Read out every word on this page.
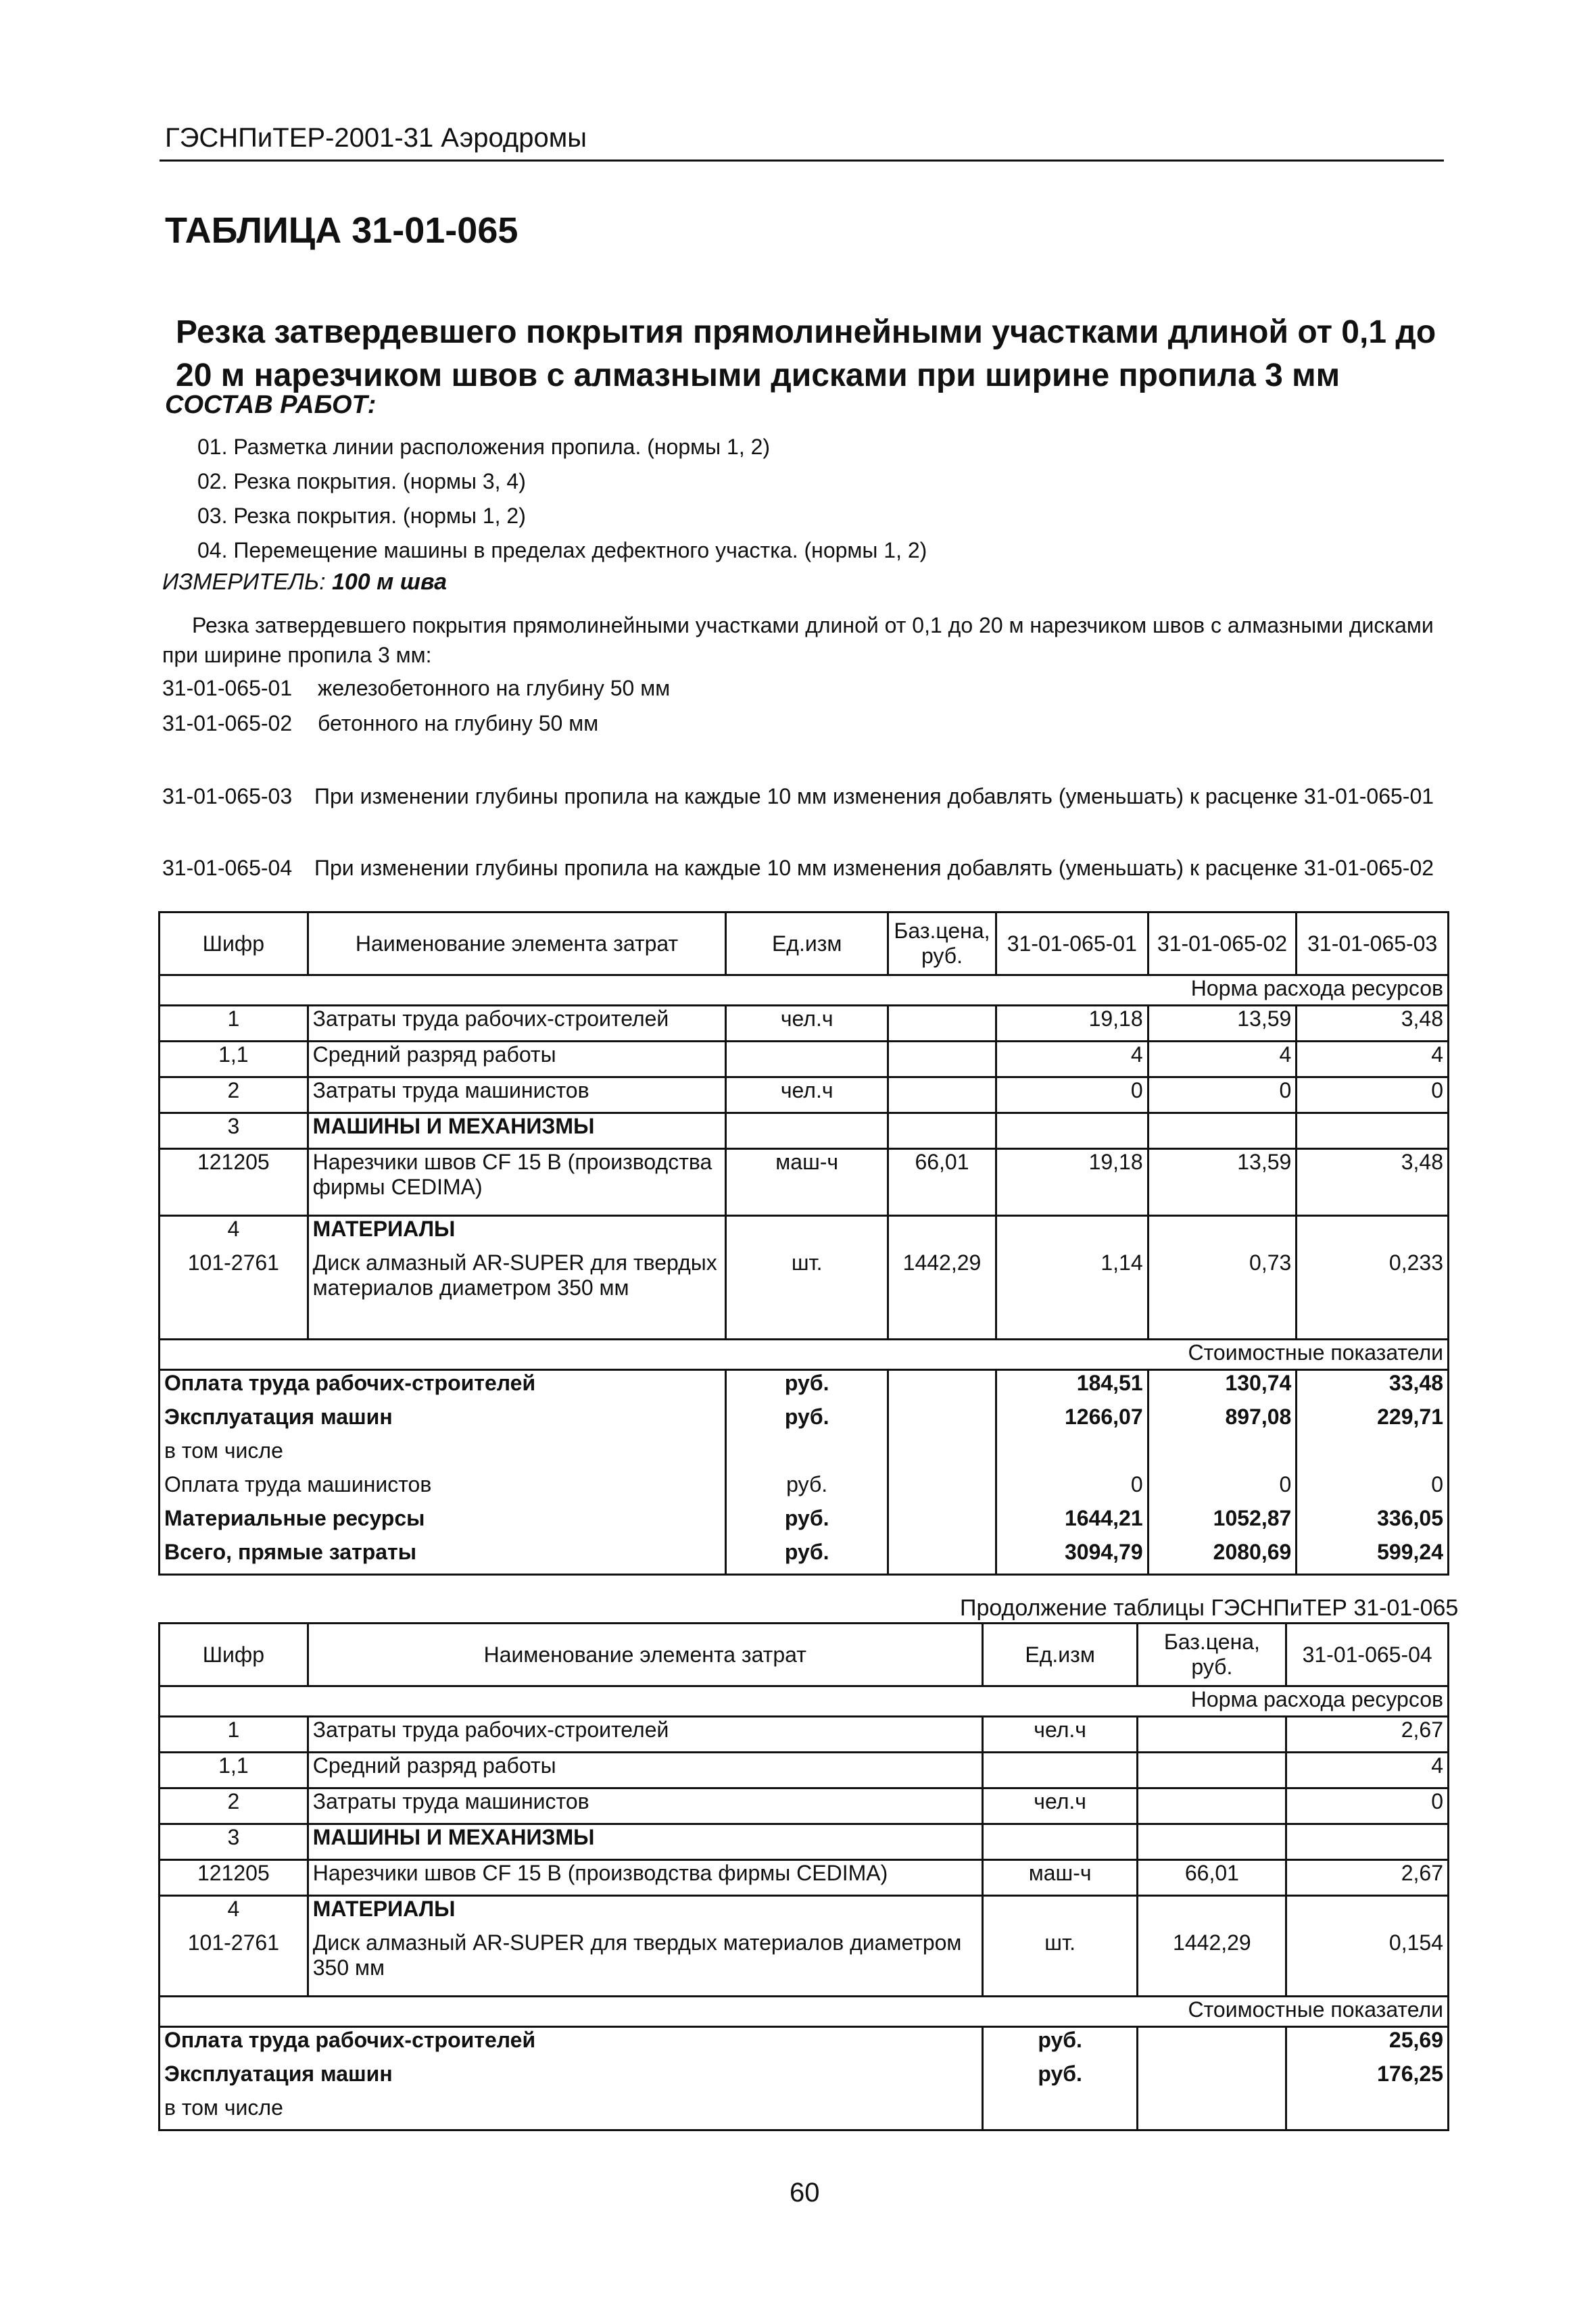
ГЭСНПиТЕР-2001-31 Аэродромы
ТАБЛИЦА 31-01-065
Резка затвердевшего покрытия прямолинейными участками длиной от 0,1 до 20 м нарезчиком швов с алмазными дисками при ширине пропила 3 мм
СОСТАВ РАБОТ:
01. Разметка линии расположения пропила. (нормы 1, 2)
02. Резка покрытия. (нормы 3, 4)
03. Резка покрытия. (нормы 1, 2)
04. Перемещение машины в пределах дефектного участка. (нормы 1, 2)
ИЗМЕРИТЕЛЬ: 100 м шва
Резка затвердевшего покрытия прямолинейными участками длиной от 0,1 до 20 м нарезчиком швов с алмазными дисками
при ширине пропила 3 мм:
31-01-065-01 железобетонного на глубину 50 мм
31-01-065-02 бетонного на глубину 50 мм
31-01-065-03 При изменении глубины пропила на каждые 10 мм изменения добавлять (уменьшать) к расценке 31-01-065-01
31-01-065-04 При изменении глубины пропила на каждые 10 мм изменения добавлять (уменьшать) к расценке 31-01-065-02
Шифр	Наименование элемента затрат	Ед.изм	Баз.цена, руб.	31-01-065-01	31-01-065-02	31-01-065-03
Норма расхода ресурсов						
1	Затраты труда рабочих-строителей	чел.ч		19,18	13,59	3,48
1,1	Средний разряд работы			4	4	4
2	Затраты труда машинистов	чел.ч		0	0	0
3	МАШИНЫ И МЕХАНИЗМЫ					
121205	Нарезчики швов CF 15 B (производства фирмы CEDIMA)	маш-ч	66,01	19,18	13,59	3,48
4	МАТЕРИАЛЫ					
101-2761	Диск алмазный AR-SUPER для твердых материалов диаметром 350 мм	шт.	1442,29	1,14	0,73	0,233
Стоимостные показатели						
Оплата труда рабочих-строителей		руб.		184,51	130,74	33,48
Эксплуатация машин		руб.		1266,07	897,08	229,71
в том числе						
Оплата труда машинистов		руб.		0	0	0
Материальные ресурсы		руб.		1644,21	1052,87	336,05
Всего, прямые затраты		руб.		3094,79	2080,69	599,24
Продолжение таблицы ГЭСНПиТЕР 31-01-065
Шифр	Наименование элемента затрат	Ед.изм	Баз.цена, руб.	31-01-065-04
Норма расхода ресурсов				
1	Затраты труда рабочих-строителей	чел.ч		2,67
1,1	Средний разряд работы			4
2	Затраты труда машинистов	чел.ч		0
3	МАШИНЫ И МЕХАНИЗМЫ			
121205	Нарезчики швов CF 15 B (производства фирмы CEDIMA)	маш-ч	66,01	2,67
4	МАТЕРИАЛЫ			
101-2761	Диск алмазный AR-SUPER для твердых материалов диаметром 350 мм	шт.	1442,29	0,154
Стоимостные показатели				
Оплата труда рабочих-строителей		руб.		25,69
Эксплуатация машин		руб.		176,25
в том числе				
60
